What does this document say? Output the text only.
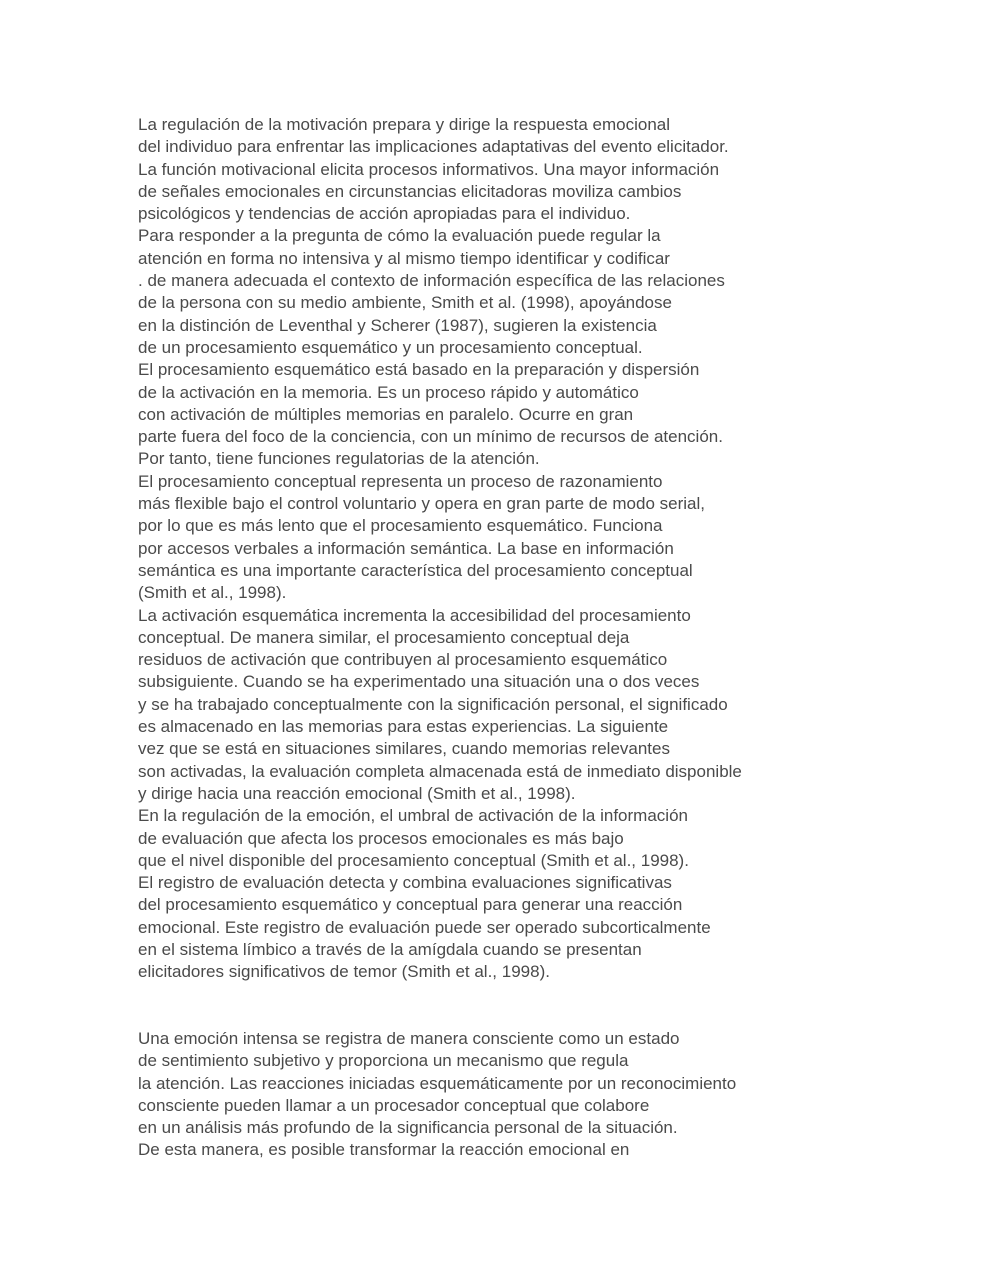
La regulación de la motivación prepara y dirige la respuesta emocional
del individuo para enfrentar las implicaciones adaptativas del evento elicitador.
La función motivacional elicita procesos informativos. Una mayor información
de señales emocionales en circunstancias elicitadoras moviliza cambios
psicológicos y tendencias de acción apropiadas para el individuo.
Para responder a la pregunta de cómo la evaluación puede regular la
atención en forma no intensiva y al mismo tiempo identificar y codificar
. de manera adecuada el contexto de información específica de las relaciones
de la persona con su medio ambiente, Smith et al. (1998), apoyándose
en la distinción de Leventhal y Scherer (1987), sugieren la existencia
de un procesamiento esquemático y un procesamiento conceptual.
El procesamiento esquemático está basado en la preparación y dispersión
de la activación en la memoria. Es un proceso rápido y automático
con activación de múltiples memorias en paralelo. Ocurre en gran
parte fuera del foco de la conciencia, con un mínimo de recursos de atención.
Por tanto, tiene funciones regulatorias de la atención.
El procesamiento conceptual representa un proceso de razonamiento
más flexible bajo el control voluntario y opera en gran parte de modo serial,
por lo que es más lento que el procesamiento esquemático. Funciona
por accesos verbales a información semántica. La base en información
semántica es una importante característica del procesamiento conceptual
(Smith et al., 1998).
La activación esquemática incrementa la accesibilidad del procesamiento
conceptual. De manera similar, el procesamiento conceptual deja
residuos de activación que contribuyen al procesamiento esquemático
subsiguiente. Cuando se ha experimentado una situación una o dos veces
y se ha trabajado conceptualmente con la significación personal, el significado
es almacenado en las memorias para estas experiencias. La siguiente
vez que se está en situaciones similares, cuando memorias relevantes
son activadas, la evaluación completa almacenada está de inmediato disponible
y dirige hacia una reacción emocional (Smith et al., 1998).
En la regulación de la emoción, el umbral de activación de la información
de evaluación que afecta los procesos emocionales es más bajo
que el nivel disponible del procesamiento conceptual (Smith et al., 1998).
El registro de evaluación detecta y combina evaluaciones significativas
del procesamiento esquemático y conceptual para generar una reacción
emocional. Este registro de evaluación puede ser operado subcorticalmente
en el sistema límbico a través de la amígdala cuando se presentan
elicitadores significativos de temor (Smith et al., 1998).
Una emoción intensa se registra de manera consciente como un estado
de sentimiento subjetivo y proporciona un mecanismo que regula
la atención. Las reacciones iniciadas esquemáticamente por un reconocimiento
consciente pueden llamar a un procesador conceptual que colabore
en un análisis más profundo de la significancia personal de la situación.
De esta manera, es posible transformar la reacción emocional en
